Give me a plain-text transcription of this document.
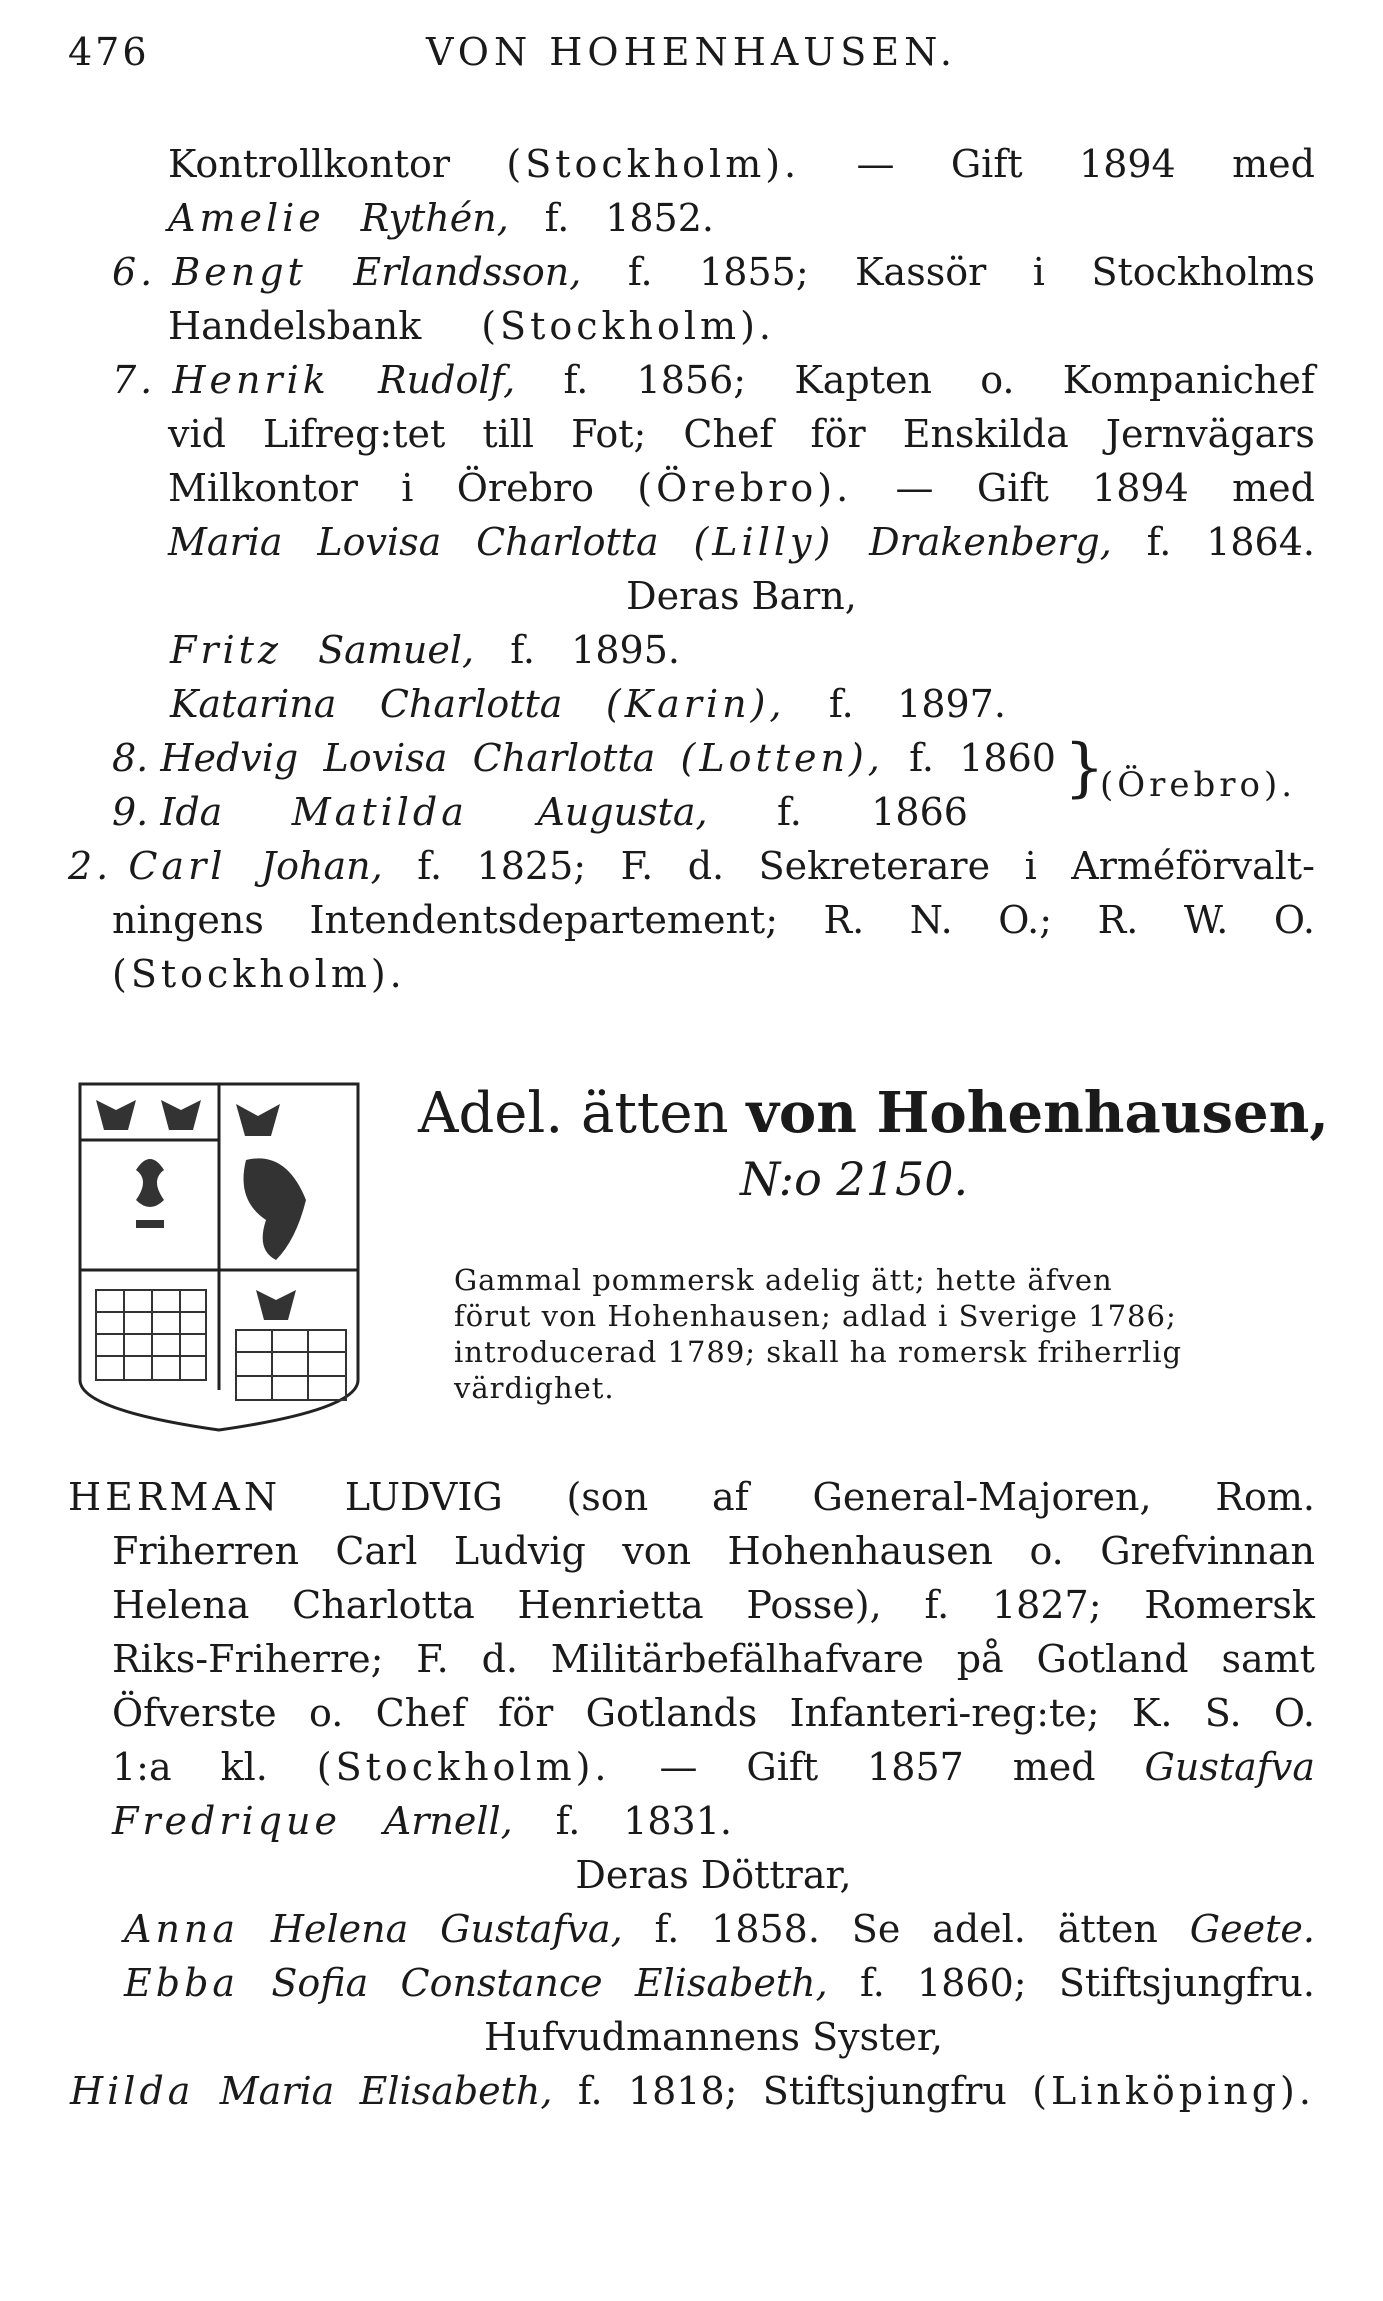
476	VON HOHENHAUSEN.
Kontrollkontor (Stockholm). — Gift 1894 med
Amelie Rythén, f. 1852.
6. Bengt Erlandsson, f. 1855; Kassör i Stockholms
Handelsbank (Stockholm).
7. Henrik Rudolf, f. 1856; Kapten o. Kompanichef
vid Lifreg:tet till Fot; Chef för Enskilda Jernvägars
Milkontor i Örebro (Örebro). — Gift 1894 med
Maria Lovisa Charlotta (Lilly) Drakenberg, f. 1864.
Deras Barn,
Fritz Samuel, f. 1895.
Katarina Charlotta (Karin), f. 1897.
8. Hedvig Lovisa Charlotta (Lotten), f. 1860
9. Ida Matilda Augusta, f. 1866
}
(Örebro).
2. Carl Johan, f. 1825; F. d. Sekreterare i Arméförvalt-
ningens Intendentsdepartement; R. N. O.; R. W. O.
(Stockholm).
Adel. ätten von Hohenhausen,
N:o 2150.
Gammal pommersk adelig ätt; hette äfven
förut von Hohenhausen; adlad i Sverige 1786;
introducerad 1789; skall ha romersk friherrlig
värdighet.
HERMAN LUDVIG (son af General-Majoren, Rom.
Friherren Carl Ludvig von Hohenhausen o. Grefvinnan
Helena Charlotta Henrietta Posse), f. 1827; Romersk
Riks-Friherre; F. d. Militärbefälhafvare på Gotland samt
Öfverste o. Chef för Gotlands Infanteri-reg:te; K. S. O.
1:a kl. (Stockholm). — Gift 1857 med Gustafva
Fredrique Arnell, f. 1831.
Deras Döttrar,
Anna Helena Gustafva, f. 1858. Se adel. ätten Geete.
Ebba Sofia Constance Elisabeth, f. 1860; Stiftsjungfru.
Hufvudmannens Syster,
Hilda Maria Elisabeth, f. 1818; Stiftsjungfru (Linköping).
